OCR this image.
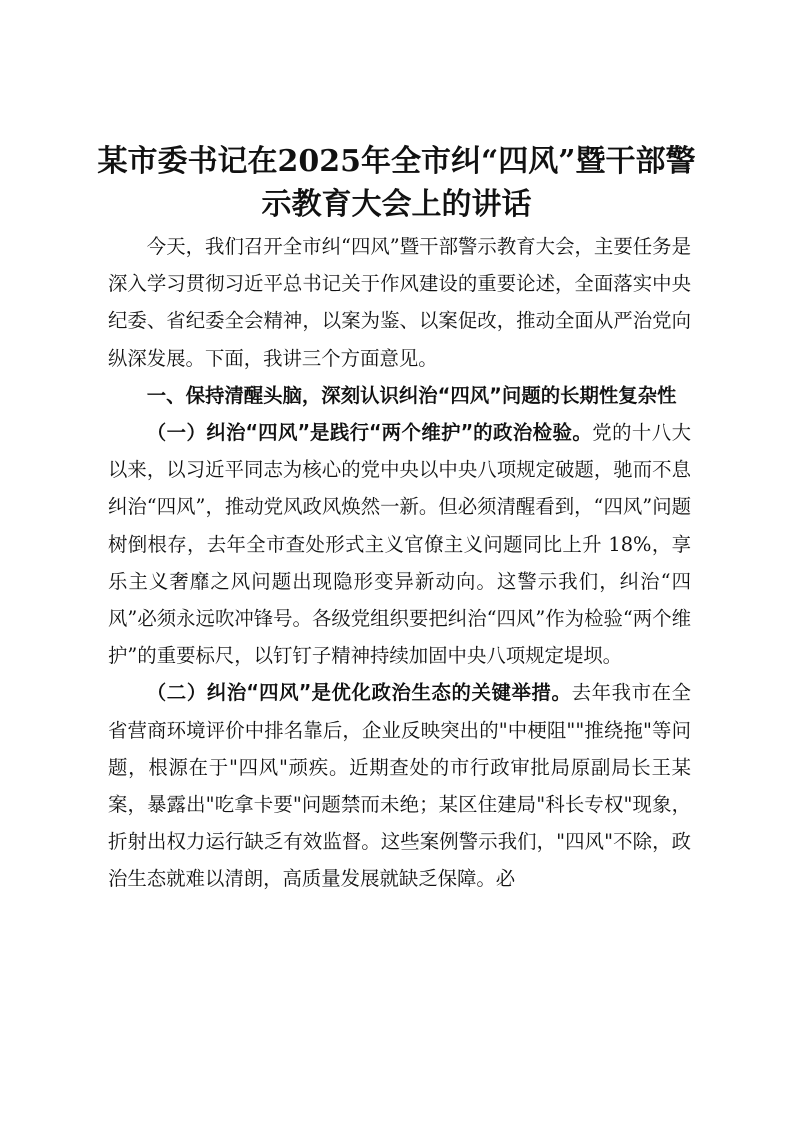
某市委书记在2025年全市纠“四风”暨干部警示教育大会上的讲话

今天，我们召开全市纠“四风”暨干部警示教育大会，主要任务是深入学习贯彻习近平总书记关于作风建设的重要论述，全面落实中央纪委、省纪委全会精神，以案为鉴、以案促改，推动全面从严治党向纵深发展。下面，我讲三个方面意见。

一、保持清醒头脑，深刻认识纠治“四风”问题的长期性复杂性

（一）纠治“四风”是践行“两个维护”的政治检验。党的十八大以来，以习近平同志为核心的党中央以中央八项规定破题，驰而不息纠治“四风”，推动党风政风焕然一新。但必须清醒看到，“四风”问题树倒根存，去年全市查处形式主义官僚主义问题同比上升 18%，享乐主义奢靡之风问题出现隐形变异新动向。这警示我们，纠治“四风”必须永远吹冲锋号。各级党组织要把纠治“四风”作为检验“两个维护”的重要标尺，以钉钉子精神持续加固中央八项规定堤坝。

（二）纠治“四风”是优化政治生态的关键举措。去年我市在全省营商环境评价中排名靠后，企业反映突出的"中梗阻""推绕拖"等问题，根源在于"四风"顽疾。近期查处的市行政审批局原副局长王某案，暴露出"吃拿卡要"问题禁而未绝；某区住建局"科长专权"现象，折射出权力运行缺乏有效监督。这些案例警示我们，"四风"不除，政治生态就难以清朗，高质量发展就缺乏保障。必
